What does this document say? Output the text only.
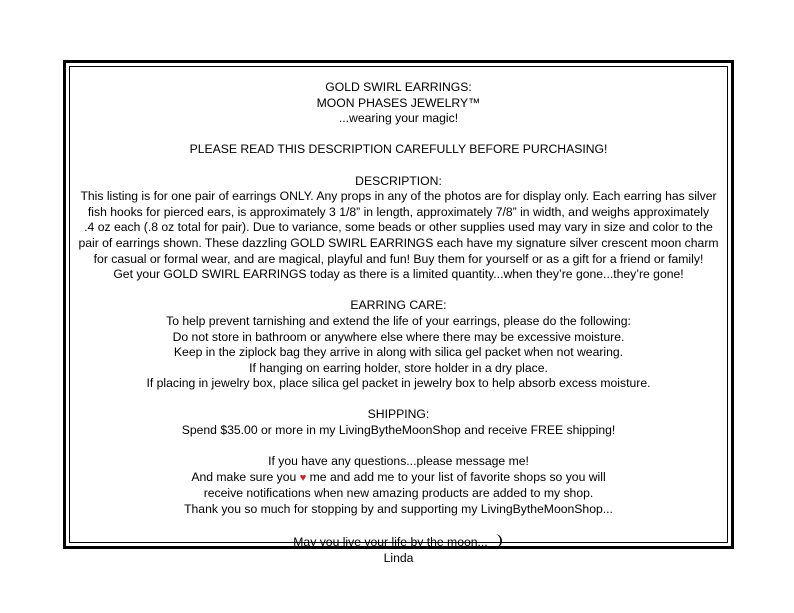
GOLD SWIRL EARRINGS:
MOON PHASES JEWELRY™
...wearing your magic!
PLEASE READ THIS DESCRIPTION CAREFULLY BEFORE PURCHASING!
DESCRIPTION:
This listing is for one pair of earrings ONLY. Any props in any of the photos are for display only. Each earring has silver
fish hooks for pierced ears, is approximately 3 1/8” in length, approximately 7/8” in width, and weighs approximately
.4 oz each (.8 oz total for pair). Due to variance, some beads or other supplies used may vary in size and color to the
pair of earrings shown. These dazzling GOLD SWIRL EARRINGS each have my signature silver crescent moon charm
for casual or formal wear, and are magical, playful and fun! Buy them for yourself or as a gift for a friend or family!
Get your GOLD SWIRL EARRINGS today as there is a limited quantity...when they’re gone...they’re gone!
EARRING CARE:
To help prevent tarnishing and extend the life of your earrings, please do the following:
Do not store in bathroom or anywhere else where there may be excessive moisture.
Keep in the ziplock bag they arrive in along with silica gel packet when not wearing.
If hanging on earring holder, store holder in a dry place.
If placing in jewelry box, place silica gel packet in jewelry box to help absorb excess moisture.
SHIPPING:
Spend $35.00 or more in my LivingBytheMoonShop and receive FREE shipping!
If you have any questions...please message me!
And make sure you ♥ me and add me to your list of favorite shops so you will
receive notifications when new amazing products are added to my shop.
Thank you so much for stopping by and supporting my LivingBytheMoonShop...
May you live your life by the moon...
Linda
